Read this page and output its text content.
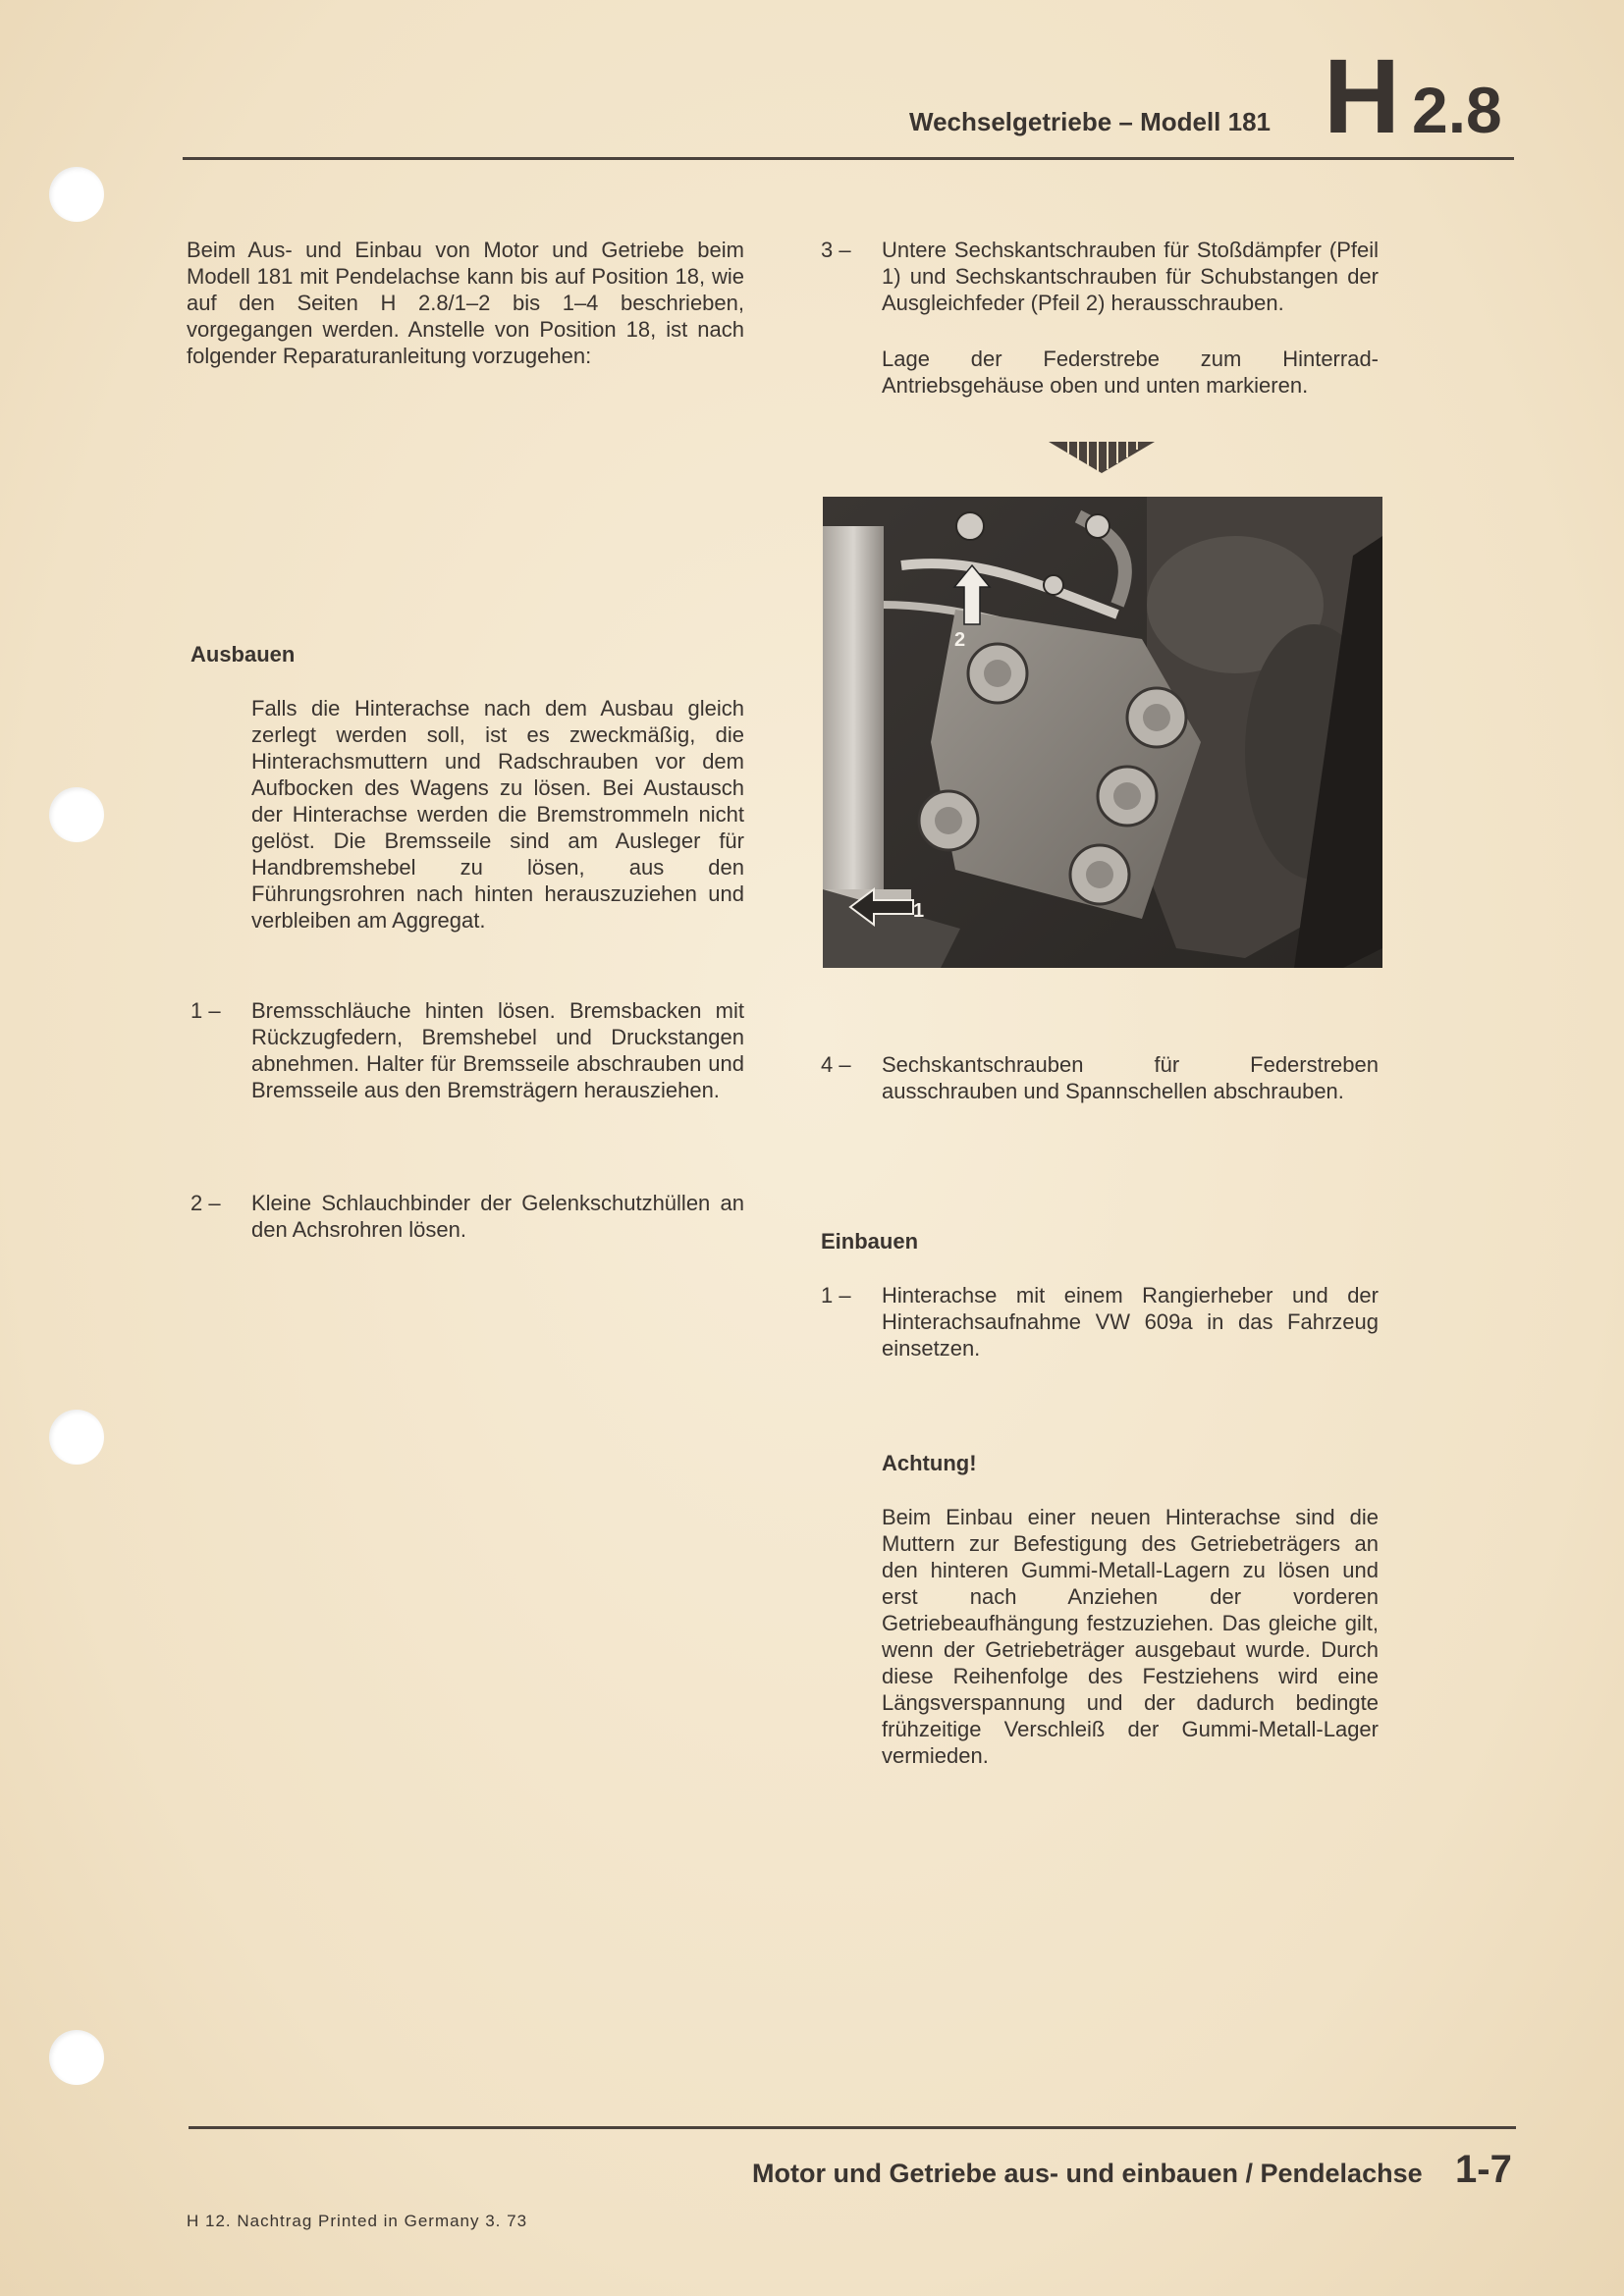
Wechselgetriebe – Modell 181 H 2.8
Beim Aus- und Einbau von Motor und Getriebe beim Modell 181 mit Pendelachse kann bis auf Position 18, wie auf den Seiten H 2.8/1–2 bis 1–4 beschrieben, vorgegangen werden. Anstelle von Position 18, ist nach folgender Reparaturanleitung vorzugehen:
Ausbauen
Falls die Hinterachse nach dem Ausbau gleich zerlegt werden soll, ist es zweckmäßig, die Hinterachsmuttern und Radschrauben vor dem Aufbocken des Wagens zu lösen. Bei Austausch der Hinterachse werden die Bremstrommeln nicht gelöst. Die Bremsseile sind am Ausleger für Handbremshebel zu lösen, aus den Führungsrohren nach hinten herauszuziehen und verbleiben am Aggregat.
1 – Bremsschläuche hinten lösen. Bremsbacken mit Rückzugfedern, Bremshebel und Druckstangen abnehmen. Halter für Bremsseile abschrauben und Bremsseile aus den Bremsträgern herausziehen.
2 – Kleine Schlauchbinder der Gelenkschutzhüllen an den Achsrohren lösen.
3 – Untere Sechskantschrauben für Stoßdämpfer (Pfeil 1) und Sechskantschrauben für Schubstangen der Ausgleichfeder (Pfeil 2) herausschrauben.
Lage der Federstrebe zum Hinterrad-Antriebsgehäuse oben und unten markieren.
2
1
4 – Sechskantschrauben für Federstreben ausschrauben und Spannschellen abschrauben.
Einbauen
1 – Hinterachse mit einem Rangierheber und der Hinterachsaufnahme VW 609a in das Fahrzeug einsetzen.
Achtung!
Beim Einbau einer neuen Hinterachse sind die Muttern zur Befestigung des Getriebeträgers an den hinteren Gummi-Metall-Lagern zu lösen und erst nach Anziehen der vorderen Getriebeaufhängung festzuziehen. Das gleiche gilt, wenn der Getriebeträger ausgebaut wurde. Durch diese Reihenfolge des Festziehens wird eine Längsverspannung und der dadurch bedingte frühzeitige Verschleiß der Gummi-Metall-Lager vermieden.
Motor und Getriebe aus- und einbauen / Pendelachse 1-7
H 12. Nachtrag Printed in Germany 3. 73
